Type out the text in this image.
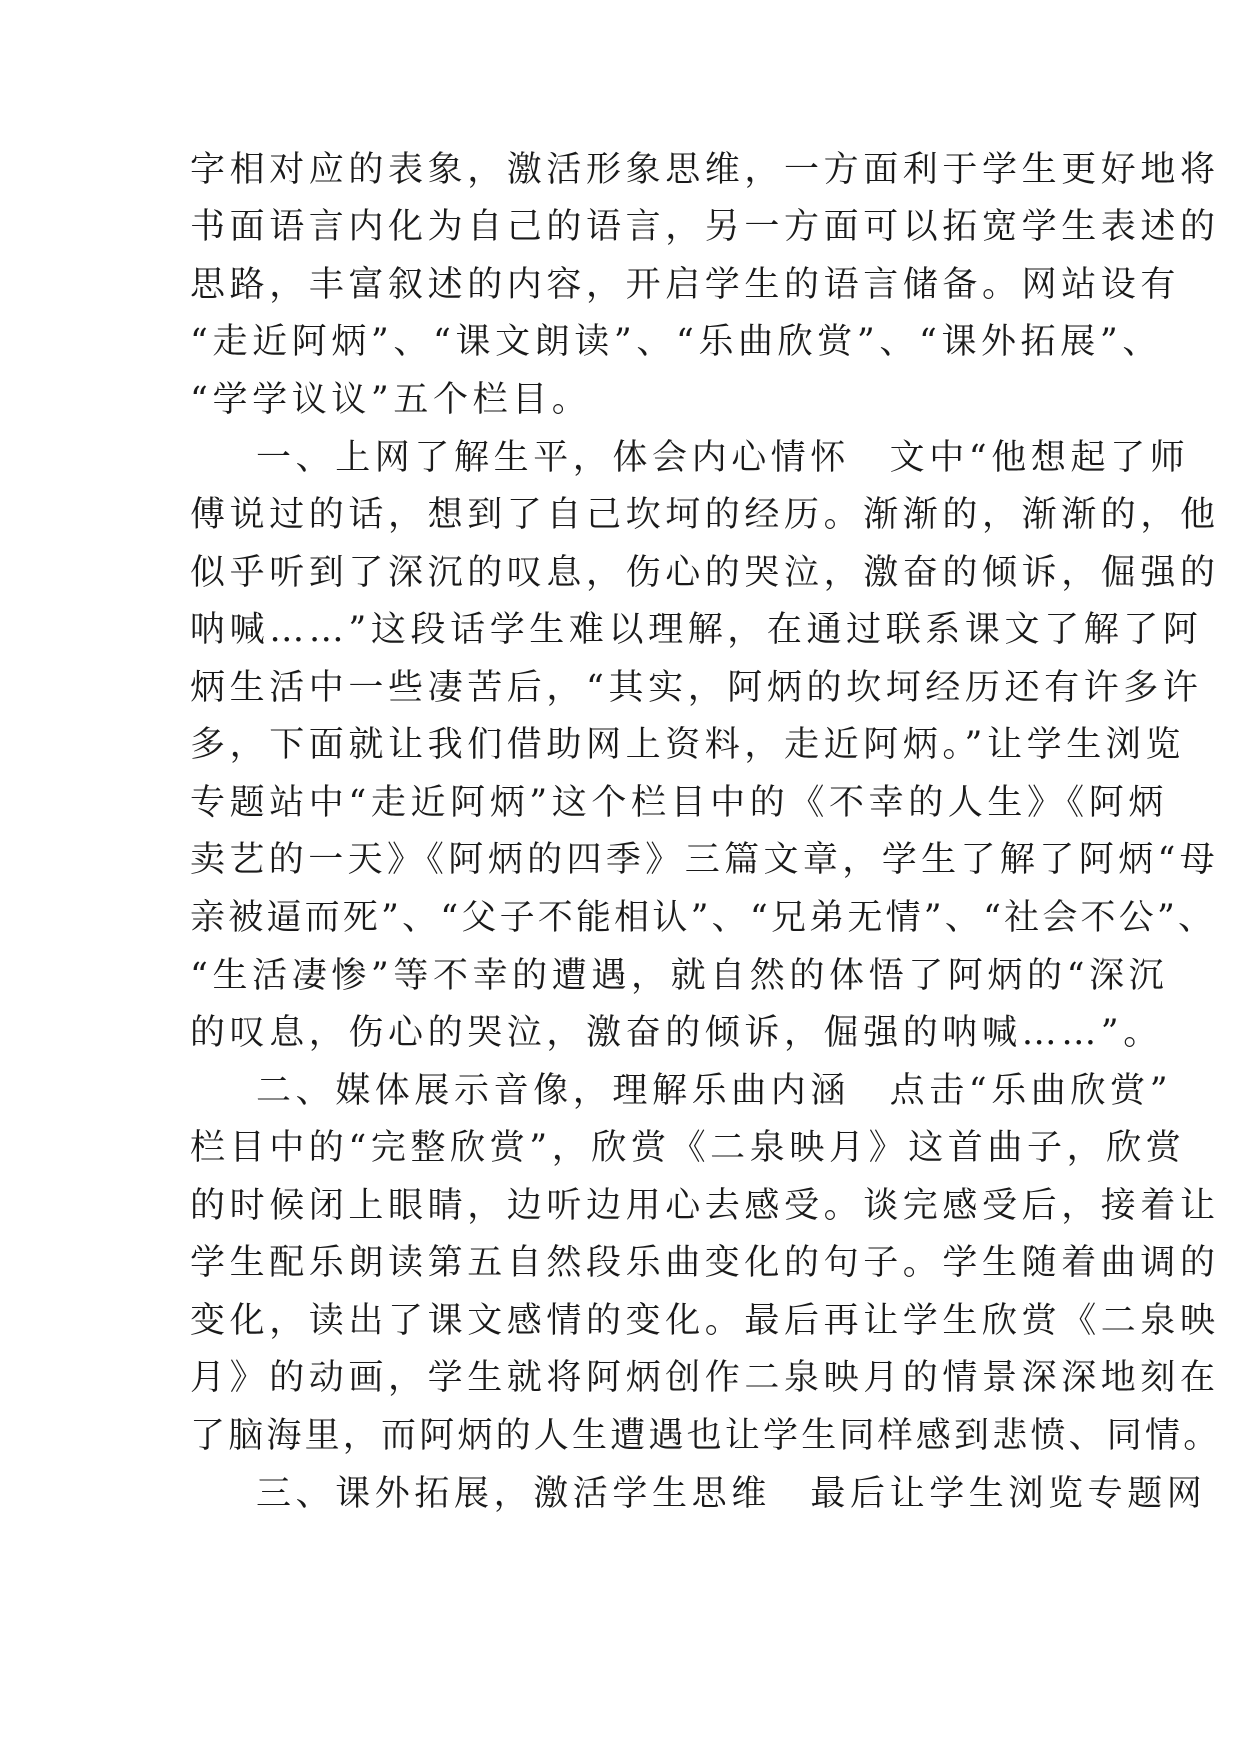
字相对应的表象，激活形象思维，一方面利于学生更好地将
书面语言内化为自己的语言，另一方面可以拓宽学生表述的
思路，丰富叙述的内容，开启学生的语言储备。网站设有
“走近阿炳”、“课文朗读”、“乐曲欣赏”、“课外拓展”、
“学学议议”五个栏目。
一、上网了解生平，体会内心情怀　文中“他想起了师
傅说过的话，想到了自己坎坷的经历。渐渐的，渐渐的，他
似乎听到了深沉的叹息，伤心的哭泣，激奋的倾诉，倔强的
呐喊……”这段话学生难以理解，在通过联系课文了解了阿
炳生活中一些凄苦后，“其实，阿炳的坎坷经历还有许多许
多，下面就让我们借助网上资料，走近阿炳。”让学生浏览
专题站中“走近阿炳”这个栏目中的《不幸的人生》《阿炳
卖艺的一天》《阿炳的四季》三篇文章，学生了解了阿炳“母
亲被逼而死”、“父子不能相认”、“兄弟无情”、“社会不公”、
“生活凄惨”等不幸的遭遇，就自然的体悟了阿炳的“深沉
的叹息，伤心的哭泣，激奋的倾诉，倔强的呐喊……”。
二、媒体展示音像，理解乐曲内涵　点击“乐曲欣赏”
栏目中的“完整欣赏”，欣赏《二泉映月》这首曲子，欣赏
的时候闭上眼睛，边听边用心去感受。谈完感受后，接着让
学生配乐朗读第五自然段乐曲变化的句子。学生随着曲调的
变化，读出了课文感情的变化。最后再让学生欣赏《二泉映
月》的动画，学生就将阿炳创作二泉映月的情景深深地刻在
了脑海里，而阿炳的人生遭遇也让学生同样感到悲愤、同情。
三、课外拓展，激活学生思维　最后让学生浏览专题网
